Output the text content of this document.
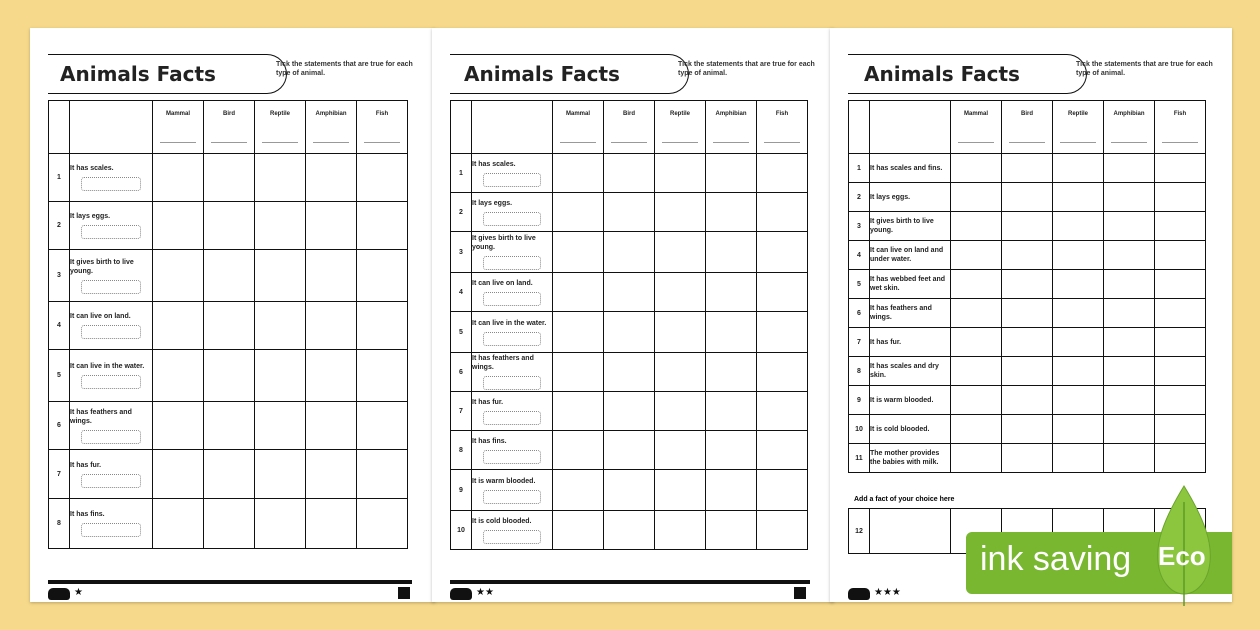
Animals Facts	Tick the statements that are true for each type of animal.

		Mammal	Bird	Reptile	Amphibian	Fish

1	It has scales.					

2	It lays eggs.					

3	It gives birth to live young.					

4	It can live on land.					

5	It can live in the water.					

6	It has feathers and wings.					

7	It has fur.					

8	It has fins.					

★
Animals Facts	Tick the statements that are true for each type of animal.

		Mammal	Bird	Reptile	Amphibian	Fish

1	It has scales.					

2	It lays eggs.					

3	It gives birth to live young.					

4	It can live on land.					

5	It can live in the water.					

6	It has feathers and wings.					

7	It has fur.					

8	It has fins.					

9	It is warm blooded.					

10	It is cold blooded.					

★★
Animals Facts	Tick the statements that are true for each type of animal.

		Mammal	Bird	Reptile	Amphibian	Fish

1	It has scales and fins.					

2	It lays eggs.					

3	It gives birth to live young.					

4	It can live on land and under water.					

5	It has webbed feet and wet skin.					

6	It has feathers and wings.					

7	It has fur.					

8	It has scales and dry skin.					

9	It is warm blooded.					

10	It is cold blooded.					

11	The mother provides the babies with milk.					

Add a fact of your choice here
12						
★★★
ink saving Eco
